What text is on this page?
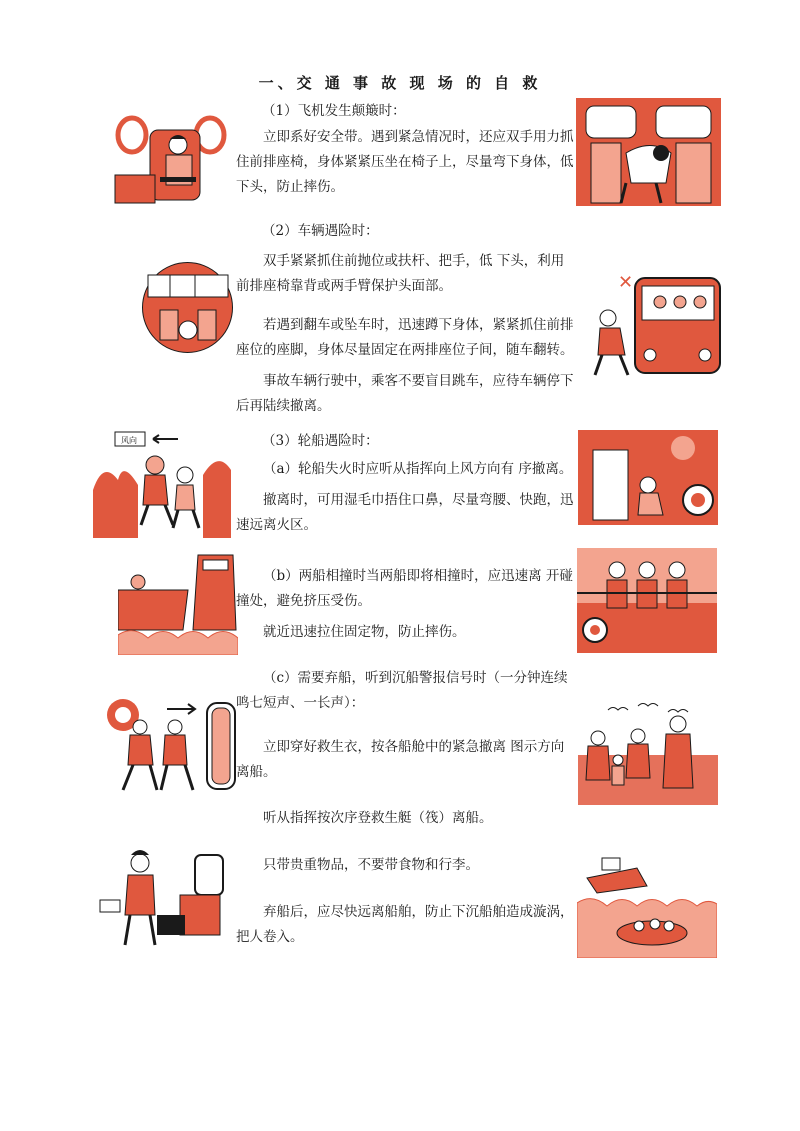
一、交 通 事 故 现 场 的 自 救
（1）飞机发生颠簸时：
立即系好安全带。遇到紧急情况时，还应双手用力抓住前排座椅，身体紧紧压坐在椅子上，尽量弯下身体，低下头，防止摔伤。
（2）车辆遇险时：
双手紧紧抓住前抛位或扶杆、把手，低 下头，利用前排座椅靠背或两手臂保护头面部。
若遇到翻车或坠车时，迅速蹲下身体，紧紧抓住前排座位的座脚，身体尽量固定在两排座位子间，随车翻转。
事故车辆行驶中，乘客不要盲目跳车，应待车辆停下后再陆续撤离。
（3）轮船遇险时：
（a）轮船失火时应听从指挥向上风方向有 序撤离。
撤离时，可用湿毛巾捂住口鼻，尽量弯腰、快跑，迅速远离火区。
（b）两船相撞时当两船即将相撞时，应迅速离 开碰撞处，避免挤压受伤。
就近迅速拉住固定物，防止摔伤。
（c）需要弃船，听到沉船警报信号时（一分钟连续鸣七短声、一长声）：
立即穿好救生衣，按各船舱中的紧急撤离 图示方向离船。
听从指挥按次序登救生艇（筏）离船。
只带贵重物品，不要带食物和行李。
弃船后，应尽快远离船舶，防止下沉船舶造成漩涡，把人卷入。
✕
风向
